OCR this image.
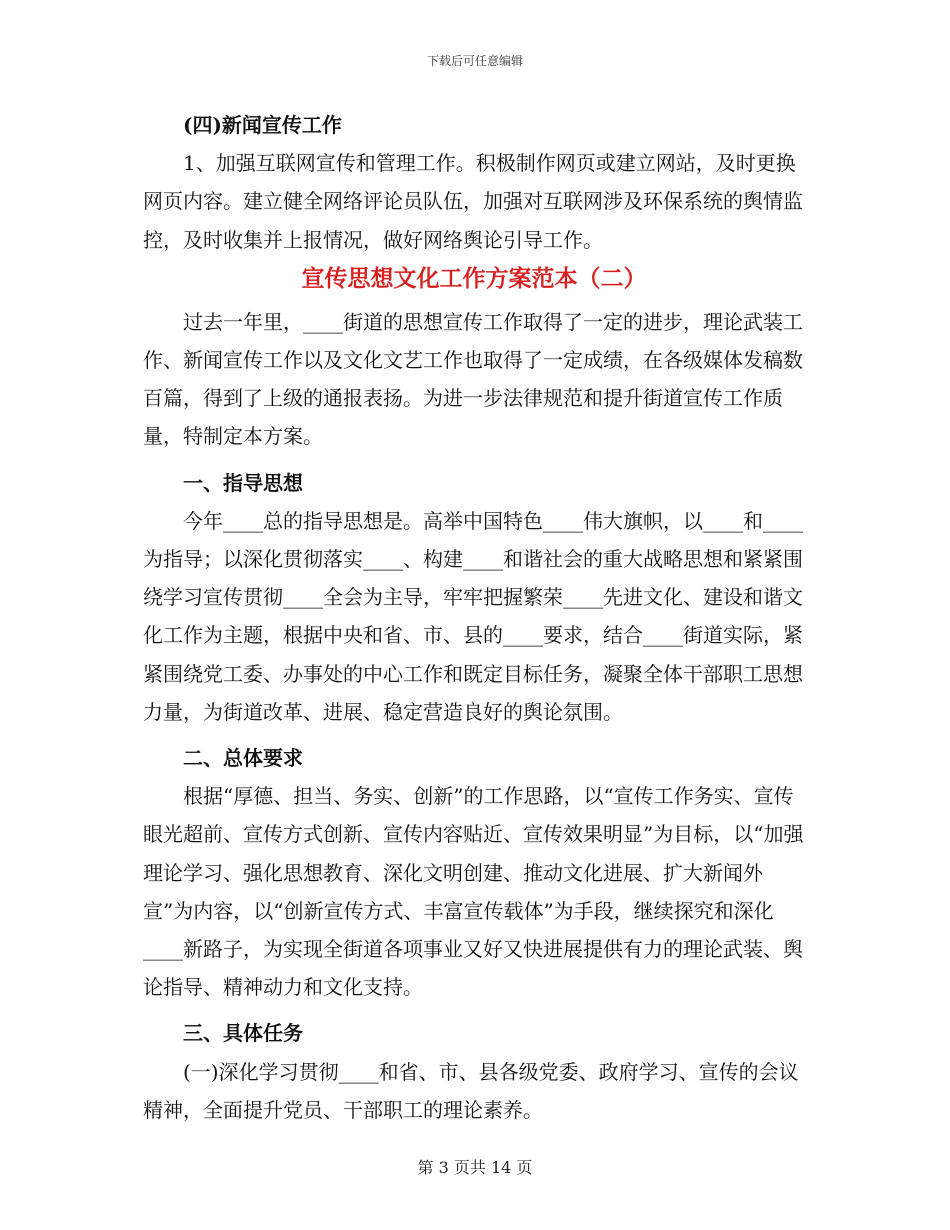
下载后可任意编辑

(四)新闻宣传工作

1、加强互联网宣传和管理工作。积极制作网页或建立网站，及时更换网页内容。建立健全网络评论员队伍，加强对互联网涉及环保系统的舆情监控，及时收集并上报情况，做好网络舆论引导工作。

宣传思想文化工作方案范本（二）

过去一年里，____街道的思想宣传工作取得了一定的进步，理论武装工作、新闻宣传工作以及文化文艺工作也取得了一定成绩，在各级媒体发稿数百篇，得到了上级的通报表扬。为进一步法律规范和提升街道宣传工作质量，特制定本方案。

一、指导思想

今年____总的指导思想是。高举中国特色____伟大旗帜，以____和____为指导；以深化贯彻落实____、构建____和谐社会的重大战略思想和紧紧围绕学习宣传贯彻____全会为主导，牢牢把握繁荣____先进文化、建设和谐文化工作为主题，根据中央和省、市、县的____要求，结合____街道实际，紧紧围绕党工委、办事处的中心工作和既定目标任务，凝聚全体干部职工思想力量，为街道改革、进展、稳定营造良好的舆论氛围。

二、总体要求

根据“厚德、担当、务实、创新”的工作思路，以“宣传工作务实、宣传眼光超前、宣传方式创新、宣传内容贴近、宣传效果明显”为目标，以“加强理论学习、强化思想教育、深化文明创建、推动文化进展、扩大新闻外宣”为内容，以“创新宣传方式、丰富宣传载体”为手段，继续探究和深化____新路子，为实现全街道各项事业又好又快进展提供有力的理论武装、舆论指导、精神动力和文化支持。

三、具体任务

(一)深化学习贯彻____和省、市、县各级党委、政府学习、宣传的会议精神，全面提升党员、干部职工的理论素养。

第 3 页共 14 页
